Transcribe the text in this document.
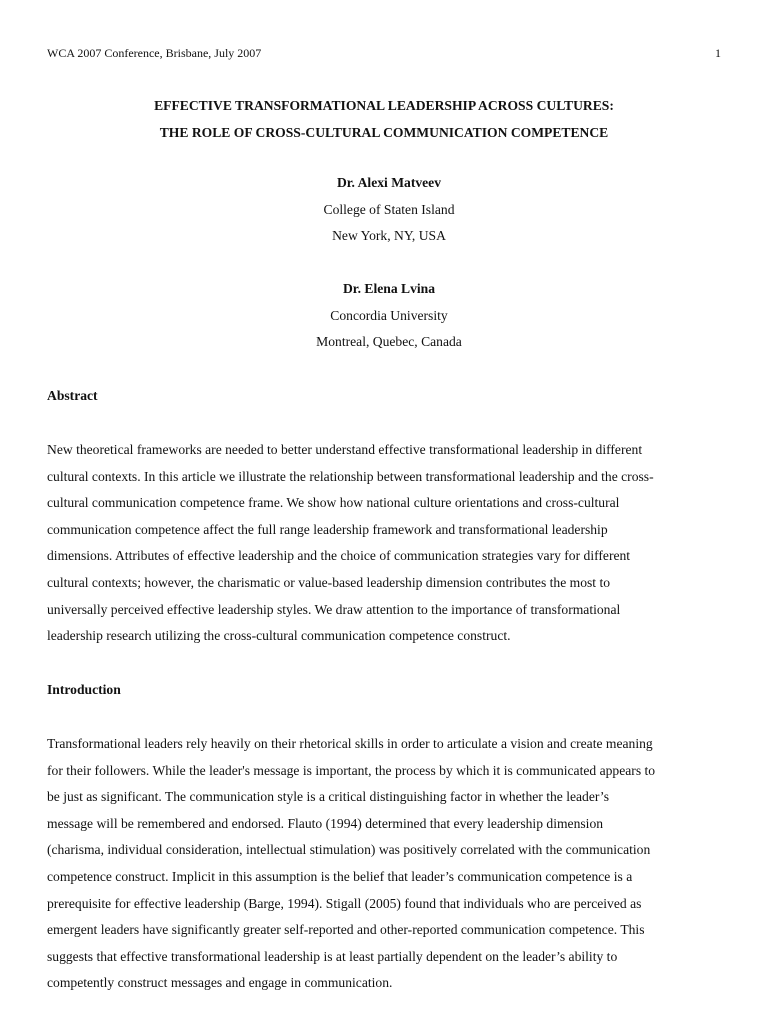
WCA 2007 Conference, Brisbane, July 2007	1
EFFECTIVE TRANSFORMATIONAL LEADERSHIP ACROSS CULTURES:
THE ROLE OF CROSS-CULTURAL COMMUNICATION COMPETENCE
Dr. Alexi Matveev
College of Staten Island
New York, NY, USA
Dr. Elena Lvina
Concordia University
Montreal, Quebec, Canada
Abstract
New theoretical frameworks are needed to better understand effective transformational leadership in different
cultural contexts. In this article we illustrate the relationship between transformational leadership and the cross-
cultural communication competence frame. We show how national culture orientations and cross-cultural
communication competence affect the full range leadership framework and transformational leadership
dimensions. Attributes of effective leadership and the choice of communication strategies vary for different
cultural contexts; however, the charismatic or value-based leadership dimension contributes the most to
universally perceived effective leadership styles. We draw attention to the importance of transformational
leadership research utilizing the cross-cultural communication competence construct.
Introduction
Transformational leaders rely heavily on their rhetorical skills in order to articulate a vision and create meaning
for their followers. While the leader's message is important, the process by which it is communicated appears to
be just as significant. The communication style is a critical distinguishing factor in whether the leader’s
message will be remembered and endorsed. Flauto (1994) determined that every leadership dimension
(charisma, individual consideration, intellectual stimulation) was positively correlated with the communication
competence construct. Implicit in this assumption is the belief that leader’s communication competence is a
prerequisite for effective leadership (Barge, 1994). Stigall (2005) found that individuals who are perceived as
emergent leaders have significantly greater self-reported and other-reported communication competence. This
suggests that effective transformational leadership is at least partially dependent on the leader’s ability to
competently construct messages and engage in communication.
